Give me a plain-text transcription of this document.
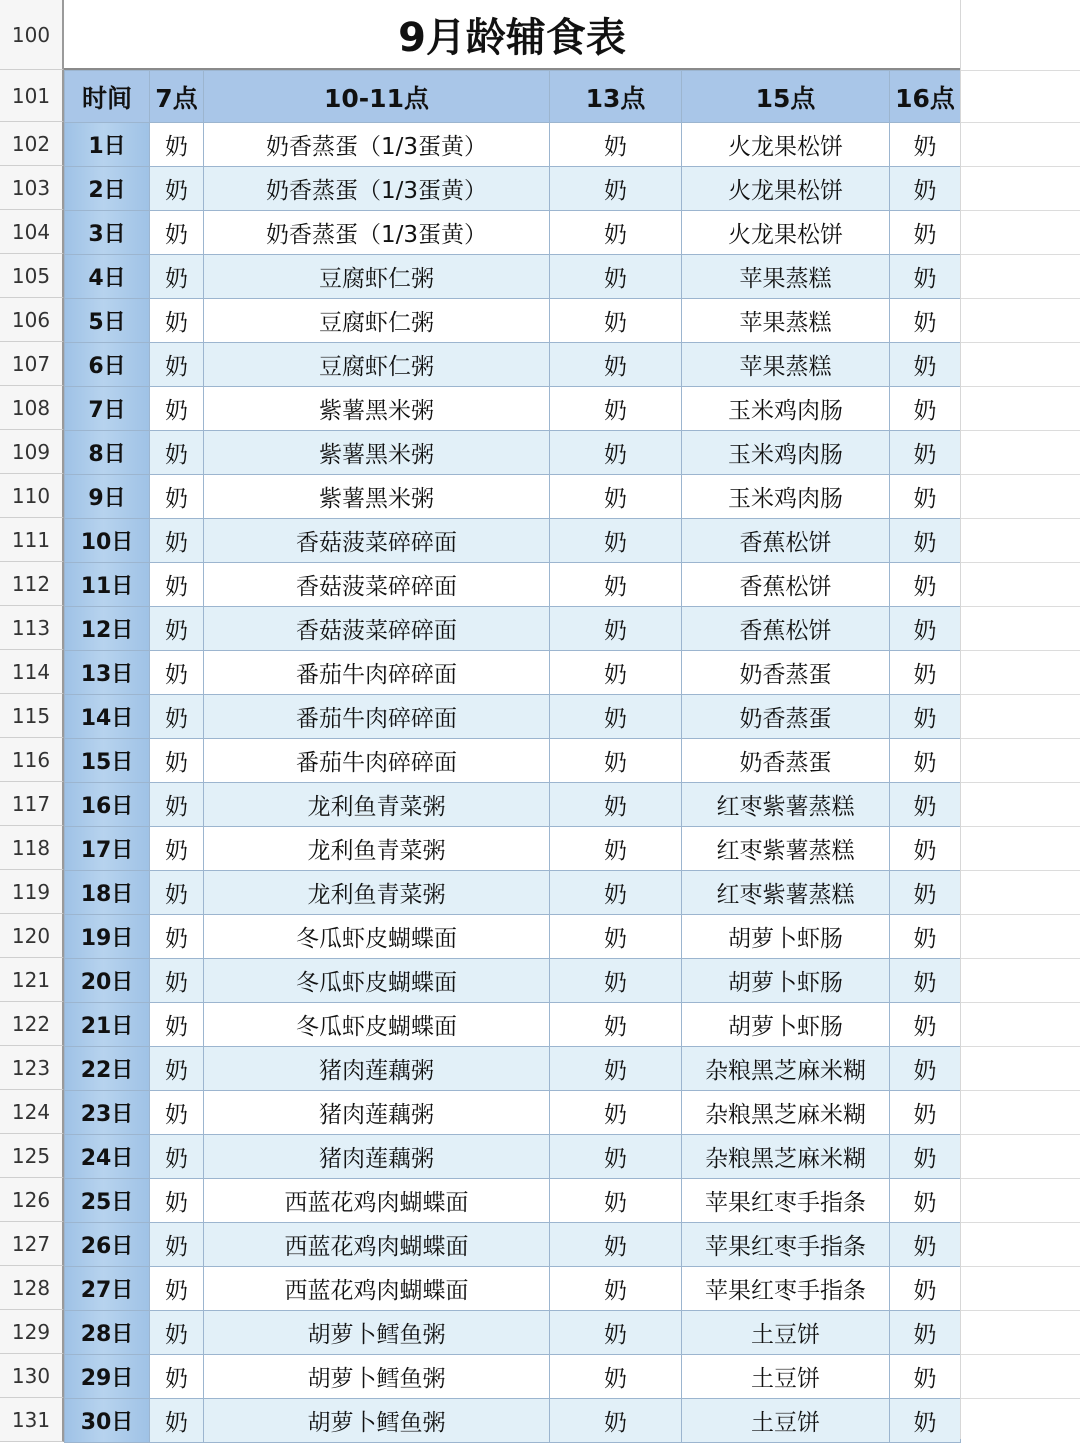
100
101
102
103
104
105
106
107
108
109
110
111
112
113
114
115
116
117
118
119
120
121
122
123
124
125
126
127
128
129
130
131
9月龄辅食表
时间	7点	10-11点	13点	15点	16点
1日	奶	奶香蒸蛋（1/3蛋黄）	奶	火龙果松饼	奶
2日	奶	奶香蒸蛋（1/3蛋黄）	奶	火龙果松饼	奶
3日	奶	奶香蒸蛋（1/3蛋黄）	奶	火龙果松饼	奶
4日	奶	豆腐虾仁粥	奶	苹果蒸糕	奶
5日	奶	豆腐虾仁粥	奶	苹果蒸糕	奶
6日	奶	豆腐虾仁粥	奶	苹果蒸糕	奶
7日	奶	紫薯黑米粥	奶	玉米鸡肉肠	奶
8日	奶	紫薯黑米粥	奶	玉米鸡肉肠	奶
9日	奶	紫薯黑米粥	奶	玉米鸡肉肠	奶
10日	奶	香菇菠菜碎碎面	奶	香蕉松饼	奶
11日	奶	香菇菠菜碎碎面	奶	香蕉松饼	奶
12日	奶	香菇菠菜碎碎面	奶	香蕉松饼	奶
13日	奶	番茄牛肉碎碎面	奶	奶香蒸蛋	奶
14日	奶	番茄牛肉碎碎面	奶	奶香蒸蛋	奶
15日	奶	番茄牛肉碎碎面	奶	奶香蒸蛋	奶
16日	奶	龙利鱼青菜粥	奶	红枣紫薯蒸糕	奶
17日	奶	龙利鱼青菜粥	奶	红枣紫薯蒸糕	奶
18日	奶	龙利鱼青菜粥	奶	红枣紫薯蒸糕	奶
19日	奶	冬瓜虾皮蝴蝶面	奶	胡萝卜虾肠	奶
20日	奶	冬瓜虾皮蝴蝶面	奶	胡萝卜虾肠	奶
21日	奶	冬瓜虾皮蝴蝶面	奶	胡萝卜虾肠	奶
22日	奶	猪肉莲藕粥	奶	杂粮黑芝麻米糊	奶
23日	奶	猪肉莲藕粥	奶	杂粮黑芝麻米糊	奶
24日	奶	猪肉莲藕粥	奶	杂粮黑芝麻米糊	奶
25日	奶	西蓝花鸡肉蝴蝶面	奶	苹果红枣手指条	奶
26日	奶	西蓝花鸡肉蝴蝶面	奶	苹果红枣手指条	奶
27日	奶	西蓝花鸡肉蝴蝶面	奶	苹果红枣手指条	奶
28日	奶	胡萝卜鳕鱼粥	奶	土豆饼	奶
29日	奶	胡萝卜鳕鱼粥	奶	土豆饼	奶
30日	奶	胡萝卜鳕鱼粥	奶	土豆饼	奶
